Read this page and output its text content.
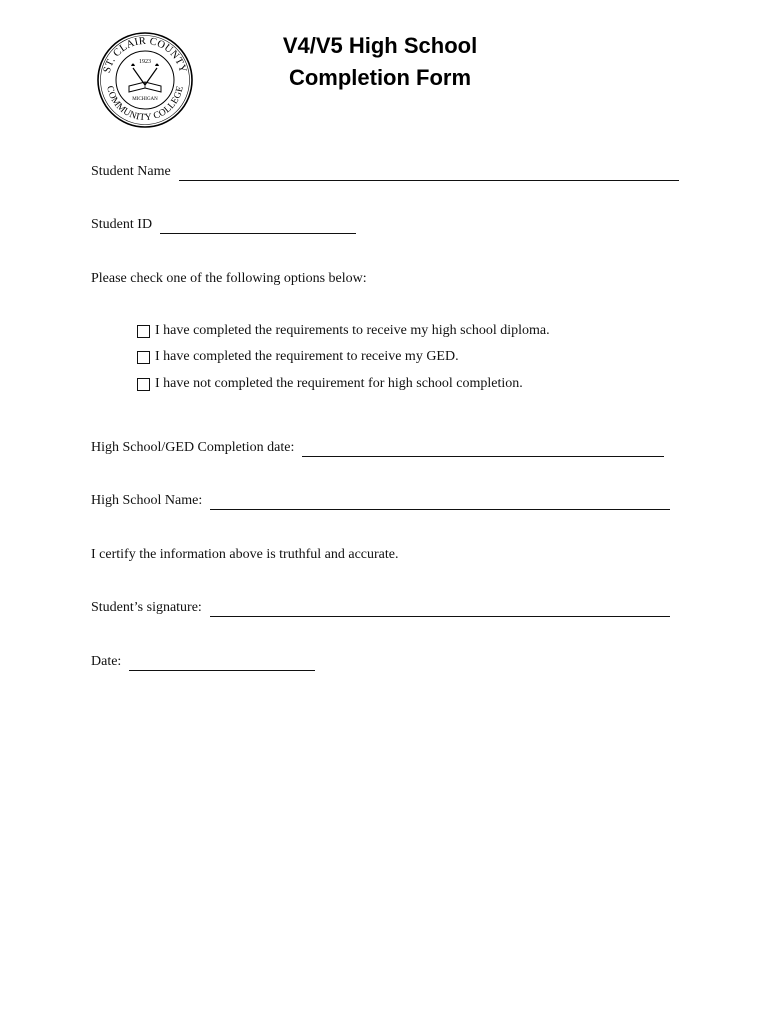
ST. CLAIR COUNTY
COMMUNITY COLLEGE
1923
MICHIGAN
V4/V5 High School
Completion Form
Student Name
Student ID
Please check one of the following options below:
I have completed the requirements to receive my high school diploma.
I have completed the requirement to receive my GED.
I have not completed the requirement for high school completion.
High School/GED Completion date:
High School Name:
I certify the information above is truthful and accurate.
Student’s signature:
Date:
